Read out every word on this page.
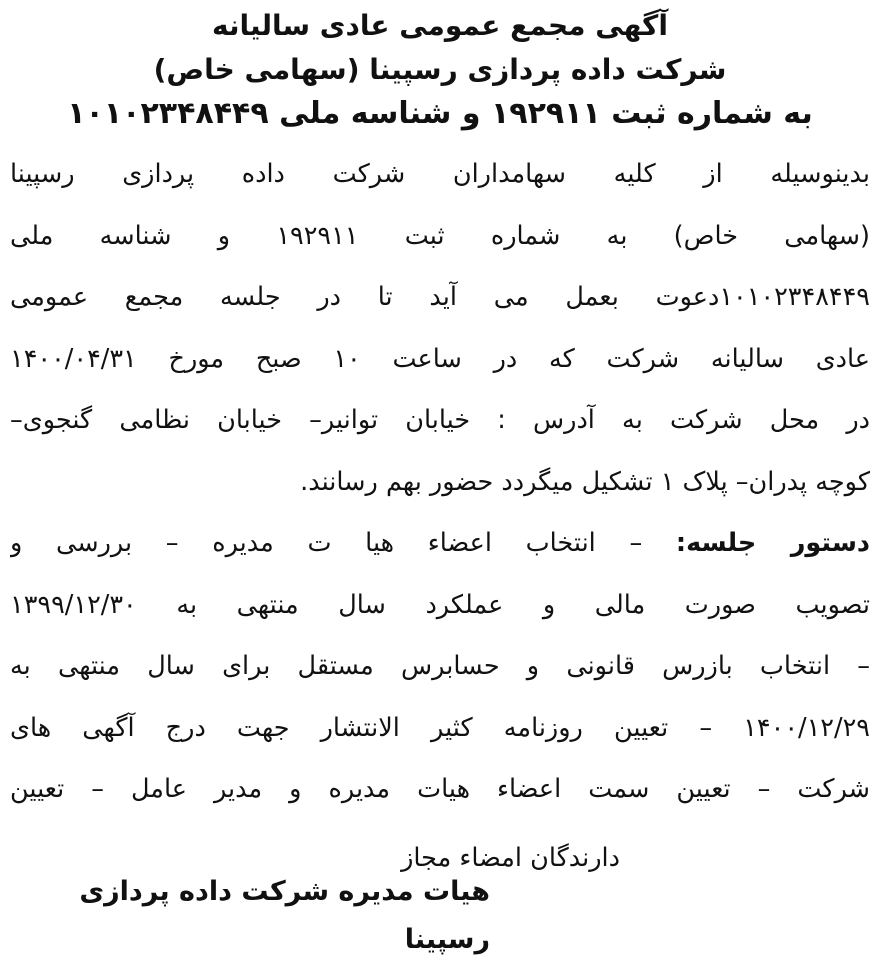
آگهی مجمع عمومی عادی سالیانه
شرکت داده پردازی رسپینا (سهامی خاص)
به شماره ثبت ۱۹۲۹۱۱ و شناسه ملی ۱۰۱۰۲۳۴۸۴۴۹
بدینوسیله از کلیه سهامداران شرکت داده پردازی رسپینا
(سهامی خاص) به شماره ثبت ۱۹۲۹۱۱ و شناسه ملی
۱۰۱۰۲۳۴۸۴۴۹دعوت بعمل می آید تا در جلسه مجمع عمومی
عادی سالیانه شرکت که در ساعت ۱۰ صبح مورخ ۱۴۰۰/۰۴/۳۱
در محل شرکت به آدرس : خیابان توانیر– خیابان نظامی گنجوی–
کوچه پدران– پلاک ۱ تشکیل میگردد حضور بهم رسانند.
دستور جلسه: – انتخاب اعضاء هیا ت مدیره – بررسی و
تصویب صورت مالی و عملکرد سال منتهی به ۱۳۹۹/۱۲/۳۰
– انتخاب بازرس قانونی و حسابرس مستقل برای سال منتهی به
۱۴۰۰/۱۲/۲۹ – تعیین روزنامه کثیر الانتشار جهت درج آگهی های
شرکت – تعیین سمت اعضاء هیات مدیره و مدیر عامل – تعیین
دارندگان امضاء مجاز
هیات مدیره شرکت داده پردازی رسپینا
